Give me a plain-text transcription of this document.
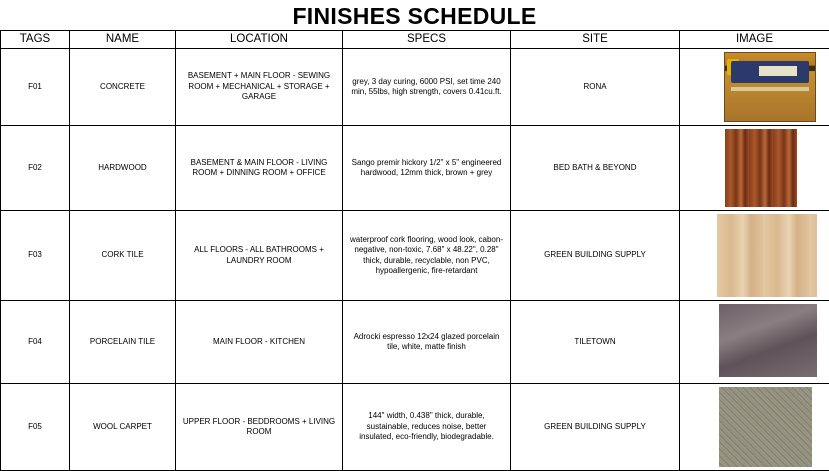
FINISHES SCHEDULE
TAGS	NAME	LOCATION	SPECS	SITE	IMAGE
F01	CONCRETE	BASEMENT + MAIN FLOOR - SEWING ROOM + MECHANICAL + STORAGE + GARAGE	grey, 3 day curing, 6000 PSI, set time 240 min, 55lbs, high strength, covers 0.41cu.ft.	RONA	

F02	HARDWOOD	BASEMENT & MAIN FLOOR - LIVING ROOM + DINNING ROOM + OFFICE	Sango premir hickory 1/2" x 5" engineered hardwood, 12mm thick, brown + grey	BED BATH & BEYOND	

F03	CORK TILE	ALL FLOORS - ALL BATHROOMS + LAUNDRY ROOM	waterproof cork flooring, wood look, cabon-negative, non-toxic, 7.68" x 48.22", 0.28" thick, durable, recyclable, non PVC, hypoallergenic, fire-retardant	GREEN BUILDING SUPPLY	

F04	PORCELAIN TILE	MAIN FLOOR - KITCHEN	Adrocki espresso 12x24 glazed porcelain tile, white, matte finish	TILETOWN	

F05	WOOL CARPET	UPPER FLOOR - BEDDROOMS + LIVING ROOM	144" width, 0.438" thick, durable, sustainable, reduces noise, better insulated, eco-friendly, biodegradable.	GREEN BUILDING SUPPLY	
